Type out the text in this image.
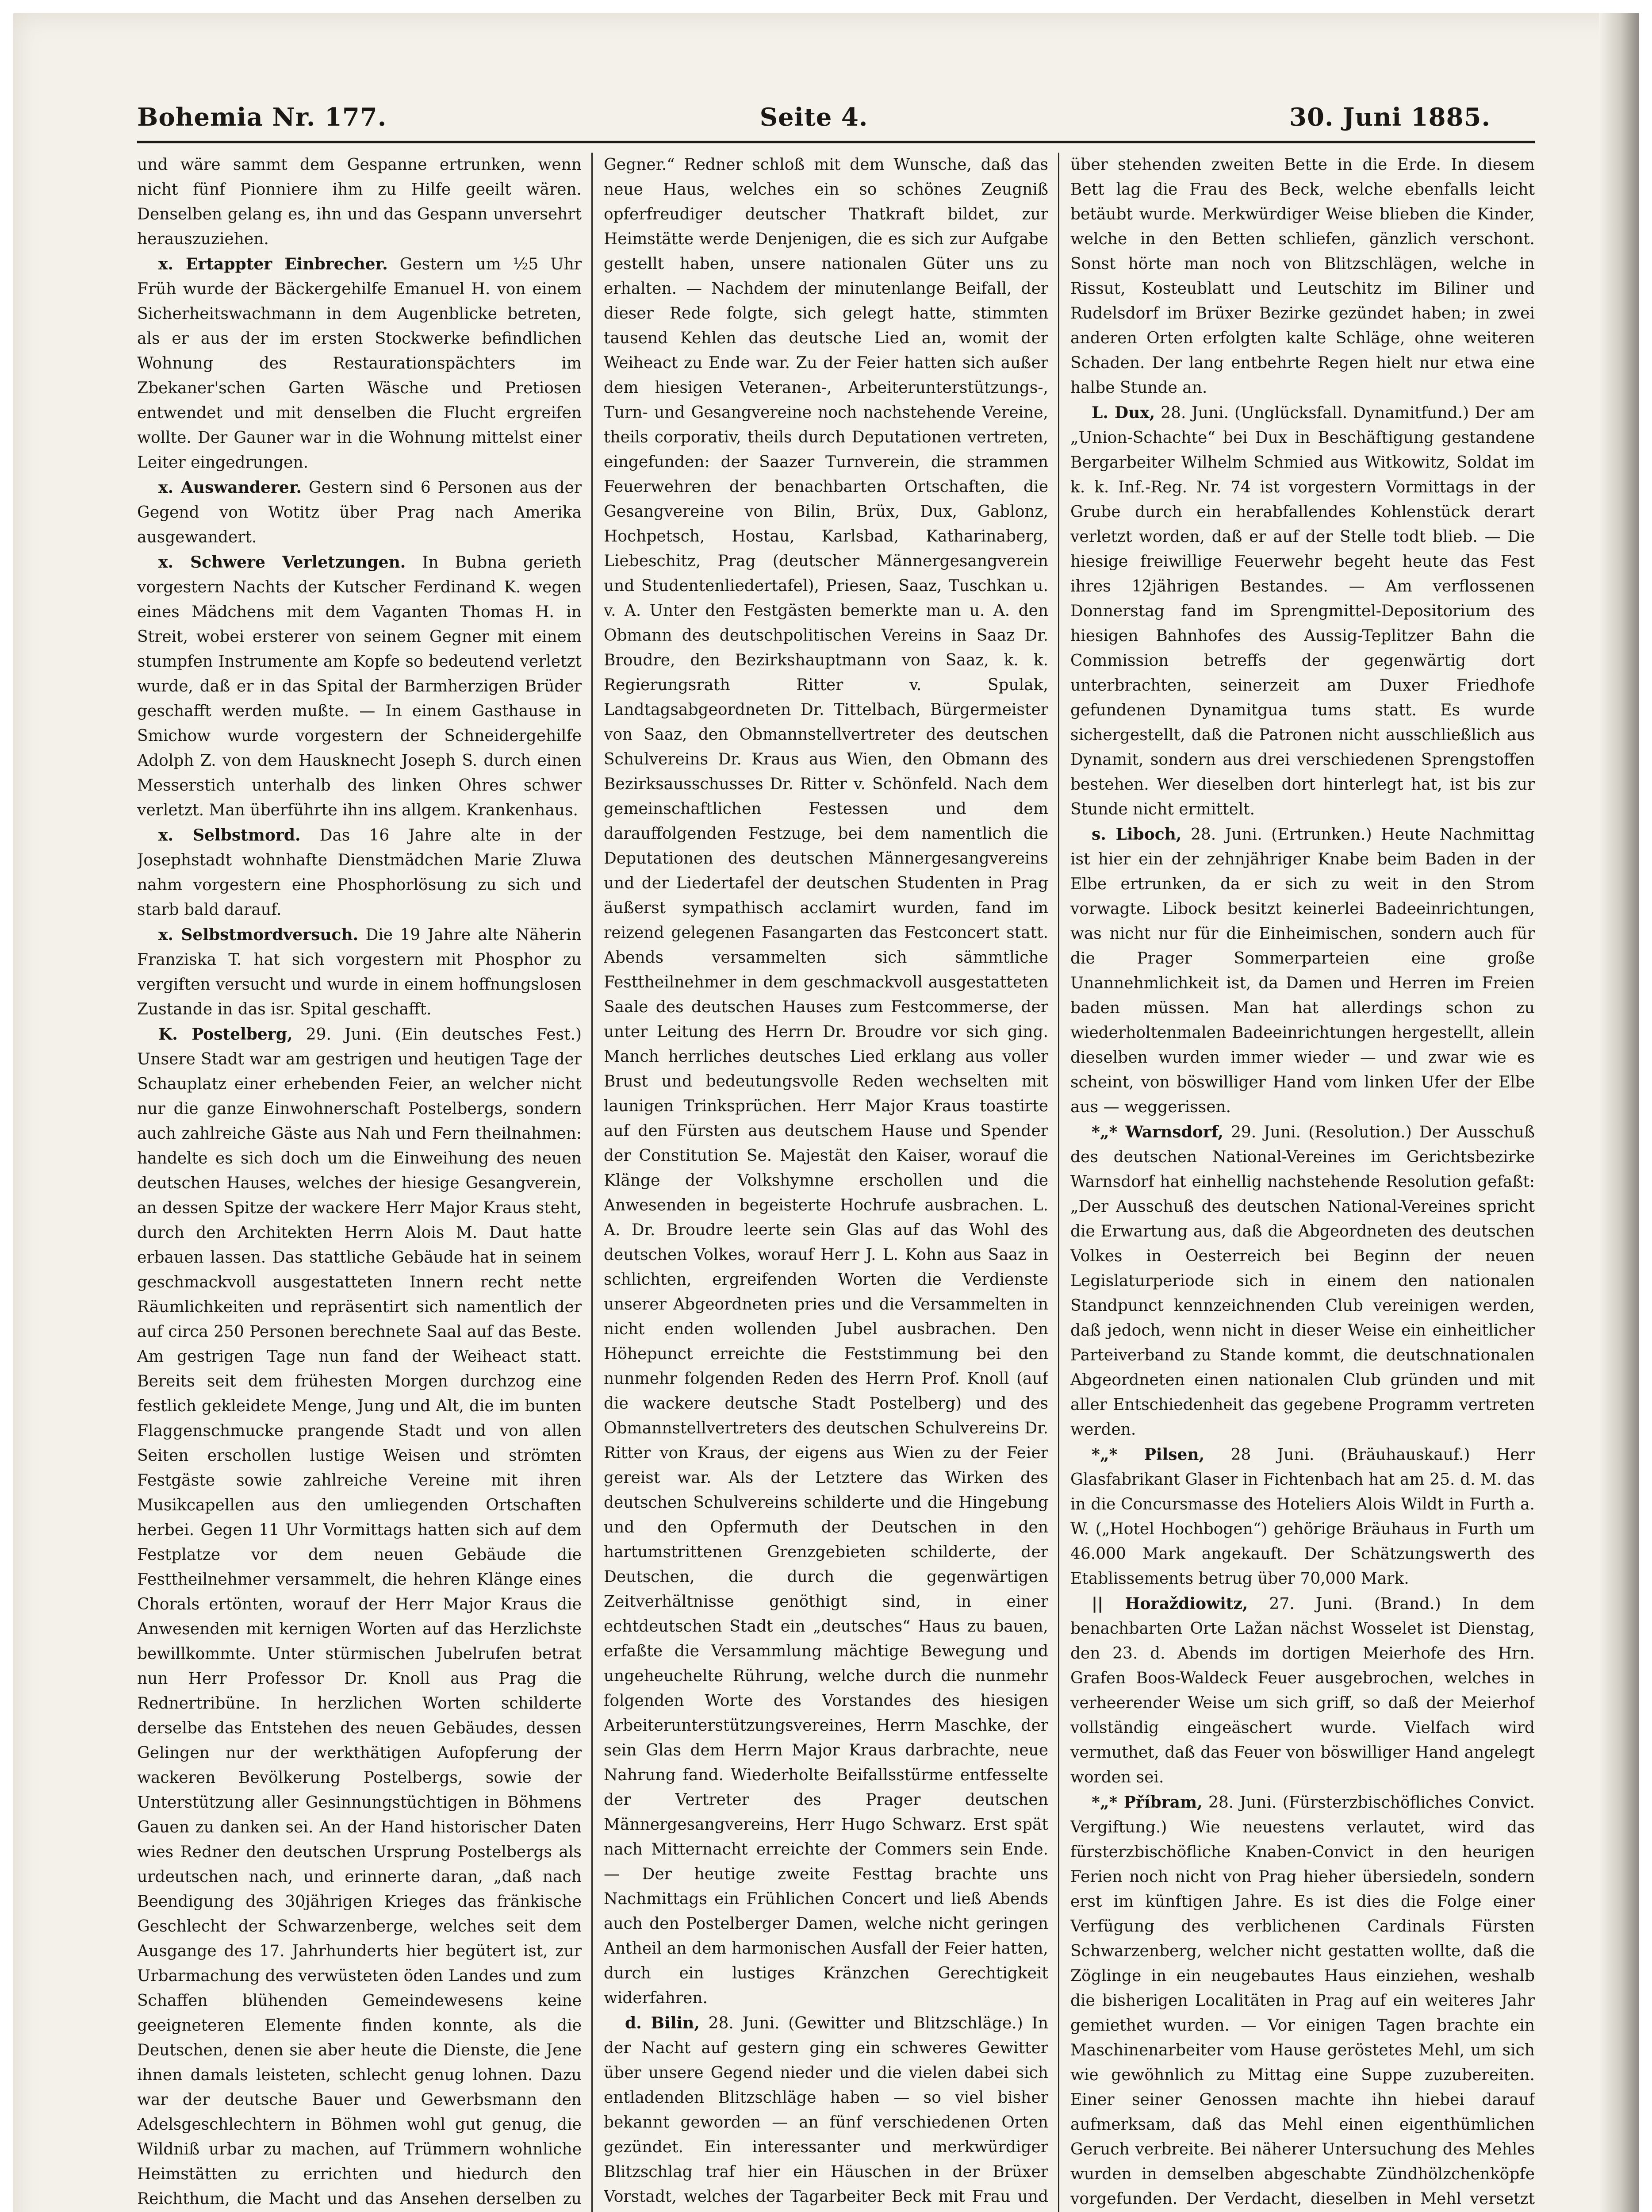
Bohemia Nr. 177.	Seite 4.	30. Juni 1885.

und wäre sammt dem Gespanne ertrunken, wenn nicht fünf Pionniere ihm zu Hilfe geeilt wären. Denselben gelang es, ihn und das Gespann unversehrt herauszuziehen.

x. Ertappter Einbrecher. Gestern um ½5 Uhr Früh wurde der Bäckergehilfe Emanuel H. von einem Sicherheitswachmann in dem Augenblicke betreten, als er aus der im ersten Stockwerke befindlichen Wohnung des Restaurationspächters im Zbekaner'schen Garten Wäsche und Pretiosen entwendet und mit denselben die Flucht ergreifen wollte. Der Gauner war in die Wohnung mittelst einer Leiter eingedrungen.

x. Auswanderer. Gestern sind 6 Personen aus der Gegend von Wotitz über Prag nach Amerika ausgewandert.

x. Schwere Verletzungen. In Bubna gerieth vorgestern Nachts der Kutscher Ferdinand K. wegen eines Mädchens mit dem Vaganten Thomas H. in Streit, wobei ersterer von seinem Gegner mit einem stumpfen Instrumente am Kopfe so bedeutend verletzt wurde, daß er in das Spital der Barmherzigen Brüder geschafft werden mußte. — In einem Gasthause in Smichow wurde vorgestern der Schneidergehilfe Adolph Z. von dem Hausknecht Joseph S. durch einen Messerstich unterhalb des linken Ohres schwer verletzt. Man überführte ihn ins allgem. Krankenhaus.

x. Selbstmord. Das 16 Jahre alte in der Josephstadt wohnhafte Dienstmädchen Marie Zluwa nahm vorgestern eine Phosphorlösung zu sich und starb bald darauf.

x. Selbstmordversuch. Die 19 Jahre alte Näherin Franziska T. hat sich vorgestern mit Phosphor zu vergiften versucht und wurde in einem hoffnungslosen Zustande in das isr. Spital geschafft.

K. Postelberg, 29. Juni. (Ein deutsches Fest.) Unsere Stadt war am gestrigen und heutigen Tage der Schauplatz einer erhebenden Feier, an welcher nicht nur die ganze Einwohnerschaft Postelbergs, sondern auch zahlreiche Gäste aus Nah und Fern theilnahmen: handelte es sich doch um die Einweihung des neuen deutschen Hauses, welches der hiesige Gesangverein, an dessen Spitze der wackere Herr Major Kraus steht, durch den Architekten Herrn Alois M. Daut hatte erbauen lassen. Das stattliche Gebäude hat in seinem geschmackvoll ausgestatteten Innern recht nette Räumlichkeiten und repräsentirt sich namentlich der auf circa 250 Personen berechnete Saal auf das Beste. Am gestrigen Tage nun fand der Weiheact statt. Bereits seit dem frühesten Morgen durchzog eine festlich gekleidete Menge, Jung und Alt, die im bunten Flaggenschmucke prangende Stadt und von allen Seiten erschollen lustige Weisen und strömten Festgäste sowie zahlreiche Vereine mit ihren Musikcapellen aus den umliegenden Ortschaften herbei. Gegen 11 Uhr Vormittags hatten sich auf dem Festplatze vor dem neuen Gebäude die Festtheilnehmer versammelt, die hehren Klänge eines Chorals ertönten, worauf der Herr Major Kraus die Anwesenden mit kernigen Worten auf das Herzlichste bewillkommte. Unter stürmischen Jubelrufen betrat nun Herr Professor Dr. Knoll aus Prag die Rednertribüne. In herzlichen Worten schilderte derselbe das Entstehen des neuen Gebäudes, dessen Gelingen nur der werkthätigen Aufopferung der wackeren Bevölkerung Postelbergs, sowie der Unterstützung aller Gesinnungstüchtigen in Böhmens Gauen zu danken sei. An der Hand historischer Daten wies Redner den deutschen Ursprung Postelbergs als urdeutschen nach, und erinnerte daran, „daß nach Beendigung des 30jährigen Krieges das fränkische Geschlecht der Schwarzenberge, welches seit dem Ausgange des 17. Jahrhunderts hier begütert ist, zur Urbarmachung des verwüsteten öden Landes und zum Schaffen blühenden Gemeindewesens keine geeigneteren Elemente finden konnte, als die Deutschen, denen sie aber heute die Dienste, die Jene ihnen damals leisteten, schlecht genug lohnen. Dazu war der deutsche Bauer und Gewerbsmann den Adelsgeschlechtern in Böhmen wohl gut genug, die Wildniß urbar zu machen, auf Trümmern wohnliche Heimstätten zu errichten und hiedurch den Reichthum, die Macht und das Ansehen derselben zu

Gegner.“ Redner schloß mit dem Wunsche, daß das neue Haus, welches ein so schönes Zeugniß opferfreudiger deutscher Thatkraft bildet, zur Heimstätte werde Denjenigen, die es sich zur Aufgabe gestellt haben, unsere nationalen Güter uns zu erhalten. — Nachdem der minutenlange Beifall, der dieser Rede folgte, sich gelegt hatte, stimmten tausend Kehlen das deutsche Lied an, womit der Weiheact zu Ende war. Zu der Feier hatten sich außer dem hiesigen Veteranen-, Arbeiterunterstützungs-, Turn- und Gesangvereine noch nachstehende Vereine, theils corporativ, theils durch Deputationen vertreten, eingefunden: der Saazer Turnverein, die strammen Feuerwehren der benachbarten Ortschaften, die Gesangvereine von Bilin, Brüx, Dux, Gablonz, Hochpetsch, Hostau, Karlsbad, Katharinaberg, Liebeschitz, Prag (deutscher Männergesangverein und Studentenliedertafel), Priesen, Saaz, Tuschkan u. v. A. Unter den Festgästen bemerkte man u. A. den Obmann des deutschpolitischen Vereins in Saaz Dr. Broudre, den Bezirkshauptmann von Saaz, k. k. Regierungsrath Ritter v. Spulak, Landtagsabgeordneten Dr. Tittelbach, Bürgermeister von Saaz, den Obmannstellvertreter des deutschen Schulvereins Dr. Kraus aus Wien, den Obmann des Bezirksausschusses Dr. Ritter v. Schönfeld. Nach dem gemeinschaftlichen Festessen und dem darauffolgenden Festzuge, bei dem namentlich die Deputationen des deutschen Männergesangvereins und der Liedertafel der deutschen Studenten in Prag äußerst sympathisch acclamirt wurden, fand im reizend gelegenen Fasangarten das Festconcert statt. Abends versammelten sich sämmtliche Festtheilnehmer in dem geschmackvoll ausgestatteten Saale des deutschen Hauses zum Festcommerse, der unter Leitung des Herrn Dr. Broudre vor sich ging. Manch herrliches deutsches Lied erklang aus voller Brust und bedeutungsvolle Reden wechselten mit launigen Trinksprüchen. Herr Major Kraus toastirte auf den Fürsten aus deutschem Hause und Spender der Constitution Se. Majestät den Kaiser, worauf die Klänge der Volkshymne erschollen und die Anwesenden in begeisterte Hochrufe ausbrachen. L. A. Dr. Broudre leerte sein Glas auf das Wohl des deutschen Volkes, worauf Herr J. L. Kohn aus Saaz in schlichten, ergreifenden Worten die Verdienste unserer Abgeordneten pries und die Versammelten in nicht enden wollenden Jubel ausbrachen. Den Höhepunct erreichte die Feststimmung bei den nunmehr folgenden Reden des Herrn Prof. Knoll (auf die wackere deutsche Stadt Postelberg) und des Obmannstellvertreters des deutschen Schulvereins Dr. Ritter von Kraus, der eigens aus Wien zu der Feier gereist war. Als der Letztere das Wirken des deutschen Schulvereins schilderte und die Hingebung und den Opfermuth der Deutschen in den hartumstrittenen Grenzgebieten schilderte, der Deutschen, die durch die gegenwärtigen Zeitverhältnisse genöthigt sind, in einer echtdeutschen Stadt ein „deutsches“ Haus zu bauen, erfaßte die Versammlung mächtige Bewegung und ungeheuchelte Rührung, welche durch die nunmehr folgenden Worte des Vorstandes des hiesigen Arbeiterunterstützungsvereines, Herrn Maschke, der sein Glas dem Herrn Major Kraus darbrachte, neue Nahrung fand. Wiederholte Beifallsstürme entfesselte der Vertreter des Prager deutschen Männergesangvereins, Herr Hugo Schwarz. Erst spät nach Mitternacht erreichte der Commers sein Ende. — Der heutige zweite Festtag brachte uns Nachmittags ein Frühlichen Concert und ließ Abends auch den Postelberger Damen, welche nicht geringen Antheil an dem harmonischen Ausfall der Feier hatten, durch ein lustiges Kränzchen Gerechtigkeit widerfahren.

d. Bilin, 28. Juni. (Gewitter und Blitzschläge.) In der Nacht auf gestern ging ein schweres Gewitter über unsere Gegend nieder und die vielen dabei sich entladenden Blitzschläge haben — so viel bisher bekannt geworden — an fünf verschiedenen Orten gezündet. Ein interessanter und merkwürdiger Blitzschlag traf hier ein Häuschen in der Brüxer Vorstadt, welches der Tagarbeiter Beck mit Frau und

über stehenden zweiten Bette in die Erde. In diesem Bett lag die Frau des Beck, welche ebenfalls leicht betäubt wurde. Merkwürdiger Weise blieben die Kinder, welche in den Betten schliefen, gänzlich verschont. Sonst hörte man noch von Blitzschlägen, welche in Rissut, Kosteublatt und Leutschitz im Biliner und Rudelsdorf im Brüxer Bezirke gezündet haben; in zwei anderen Orten erfolgten kalte Schläge, ohne weiteren Schaden. Der lang entbehrte Regen hielt nur etwa eine halbe Stunde an.

L. Dux, 28. Juni. (Unglücksfall. Dynamitfund.) Der am „Union-Schachte“ bei Dux in Beschäftigung gestandene Bergarbeiter Wilhelm Schmied aus Witkowitz, Soldat im k. k. Inf.-Reg. Nr. 74 ist vorgestern Vormittags in der Grube durch ein herabfallendes Kohlenstück derart verletzt worden, daß er auf der Stelle todt blieb. — Die hiesige freiwillige Feuerwehr begeht heute das Fest ihres 12jährigen Bestandes. — Am verflossenen Donnerstag fand im Sprengmittel-Depositorium des hiesigen Bahnhofes des Aussig-Teplitzer Bahn die Commission betreffs der gegenwärtig dort unterbrachten, seinerzeit am Duxer Friedhofe gefundenen Dynamitgua tums statt. Es wurde sichergestellt, daß die Patronen nicht ausschließlich aus Dynamit, sondern aus drei verschiedenen Sprengstoffen bestehen. Wer dieselben dort hinterlegt hat, ist bis zur Stunde nicht ermittelt.

s. Liboch, 28. Juni. (Ertrunken.) Heute Nachmittag ist hier ein der zehnjähriger Knabe beim Baden in der Elbe ertrunken, da er sich zu weit in den Strom vorwagte. Libock besitzt keinerlei Badeeinrichtungen, was nicht nur für die Einheimischen, sondern auch für die Prager Sommerparteien eine große Unannehmlichkeit ist, da Damen und Herren im Freien baden müssen. Man hat allerdings schon zu wiederholtenmalen Badeeinrichtungen hergestellt, allein dieselben wurden immer wieder — und zwar wie es scheint, von böswilliger Hand vom linken Ufer der Elbe aus — weggerissen.

*„* Warnsdorf, 29. Juni. (Resolution.) Der Ausschuß des deutschen National-Vereines im Gerichtsbezirke Warnsdorf hat einhellig nachstehende Resolution gefaßt: „Der Ausschuß des deutschen National-Vereines spricht die Erwartung aus, daß die Abgeordneten des deutschen Volkes in Oesterreich bei Beginn der neuen Legislaturperiode sich in einem den nationalen Standpunct kennzeichnenden Club vereinigen werden, daß jedoch, wenn nicht in dieser Weise ein einheitlicher Parteiverband zu Stande kommt, die deutschnationalen Abgeordneten einen nationalen Club gründen und mit aller Entschiedenheit das gegebene Programm vertreten werden.

*„* Pilsen, 28 Juni. (Bräuhauskauf.) Herr Glasfabrikant Glaser in Fichtenbach hat am 25. d. M. das in die Concursmasse des Hoteliers Alois Wildt in Furth a. W. („Hotel Hochbogen“) gehörige Bräuhaus in Furth um 46.000 Mark angekauft. Der Schätzungswerth des Etablissements betrug über 70,000 Mark.

|| Horaždiowitz, 27. Juni. (Brand.) In dem benachbarten Orte Lažan nächst Wosselet ist Dienstag, den 23. d. Abends im dortigen Meierhofe des Hrn. Grafen Boos-Waldeck Feuer ausgebrochen, welches in verheerender Weise um sich griff, so daß der Meierhof vollständig eingeäschert wurde. Vielfach wird vermuthet, daß das Feuer von böswilliger Hand angelegt worden sei.

*„* Příbram, 28. Juni. (Fürsterzbischöfliches Convict. Vergiftung.) Wie neuestens verlautet, wird das fürsterzbischöfliche Knaben-Convict in den heurigen Ferien noch nicht von Prag hieher übersiedeln, sondern erst im künftigen Jahre. Es ist dies die Folge einer Verfügung des verblichenen Cardinals Fürsten Schwarzenberg, welcher nicht gestatten wollte, daß die Zöglinge in ein neugebautes Haus einziehen, weshalb die bisherigen Localitäten in Prag auf ein weiteres Jahr gemiethet wurden. — Vor einigen Tagen brachte ein Maschinenarbeiter vom Hause geröstetes Mehl, um sich wie gewöhnlich zu Mittag eine Suppe zuzubereiten. Einer seiner Genossen machte ihn hiebei darauf aufmerksam, daß das Mehl einen eigenthümlichen Geruch verbreite. Bei näherer Untersuchung des Mehles wurden in demselben abgeschabte Zündhölzchenköpfe vorgefunden. Der Verdacht, dieselben in Mehl versetzt
